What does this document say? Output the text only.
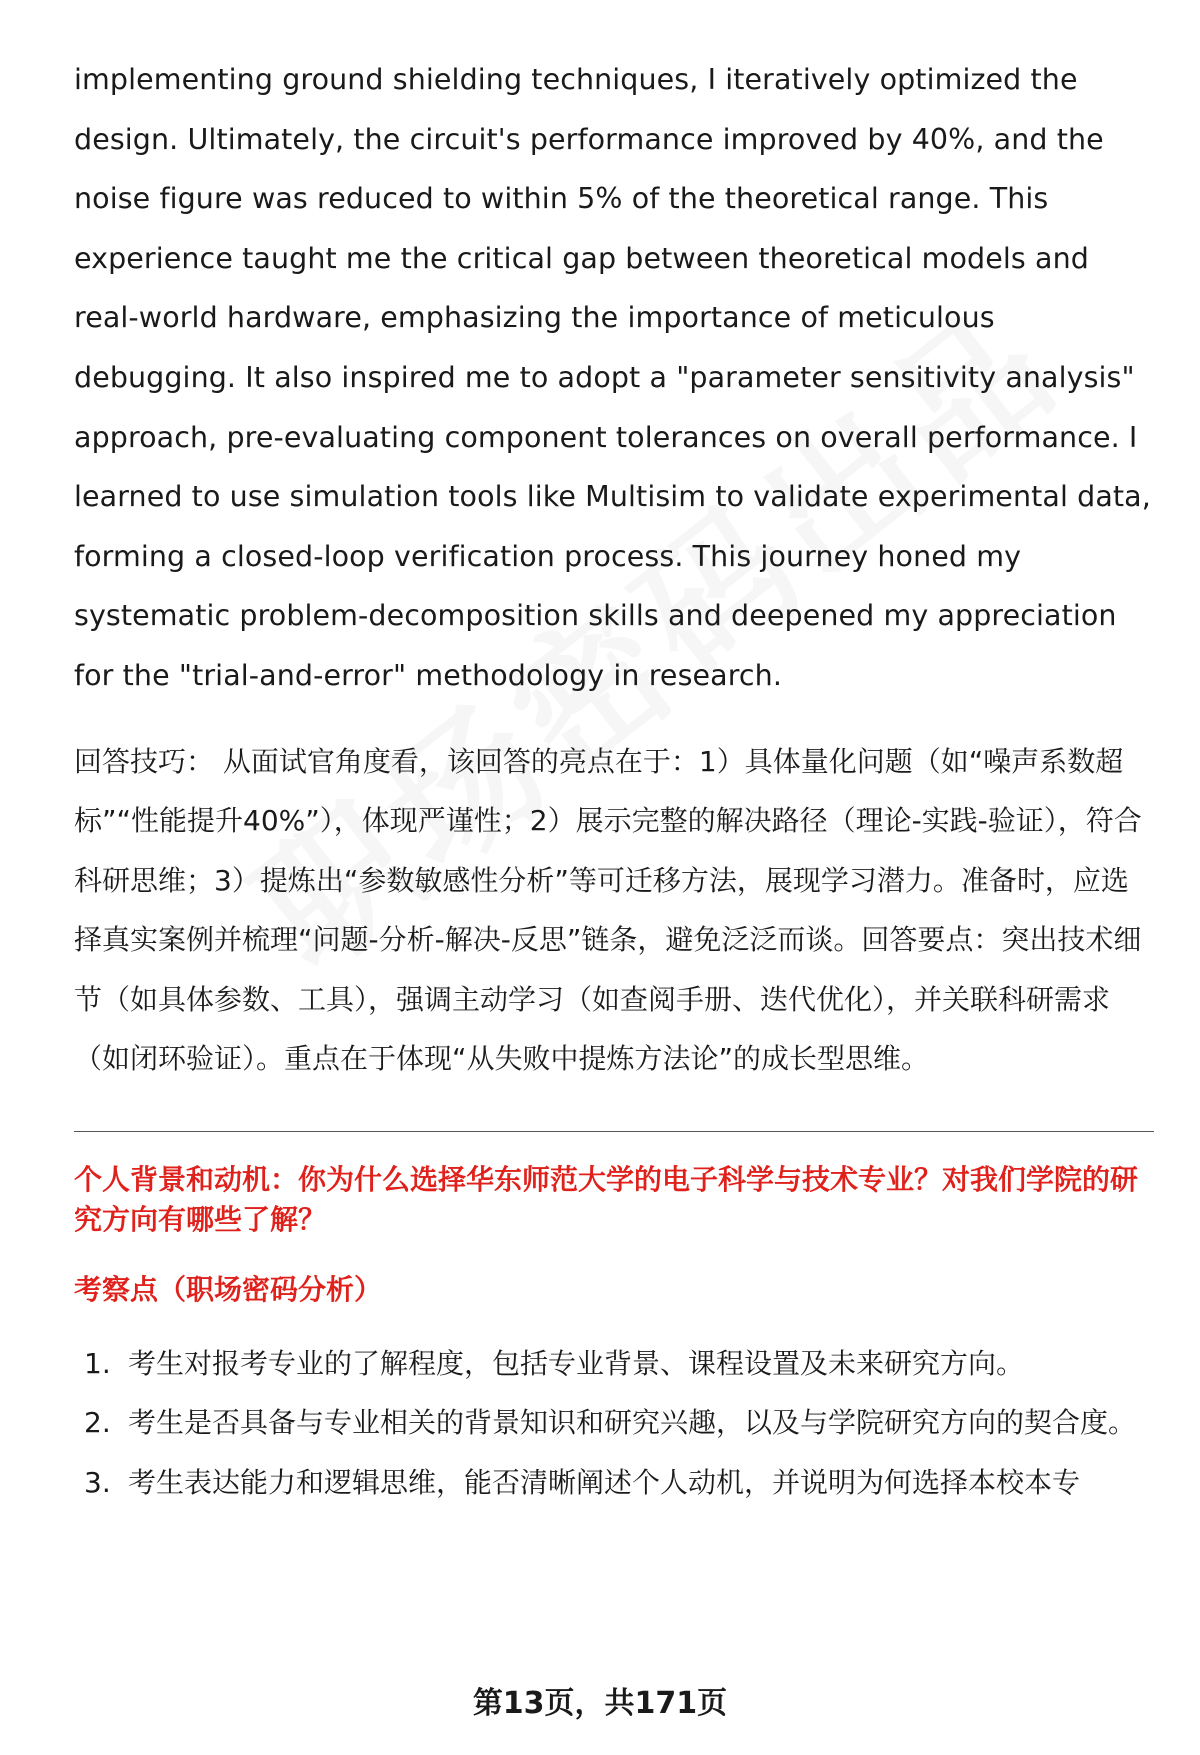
implementing ground shielding techniques, I iteratively optimized the design. Ultimately, the circuit's performance improved by 40%, and the noise figure was reduced to within 5% of the theoretical range. This experience taught me the critical gap between theoretical models and real-world hardware, emphasizing the importance of meticulous debugging. It also inspired me to adopt a "parameter sensitivity analysis" approach, pre-evaluating component tolerances on overall performance. I learned to use simulation tools like Multisim to validate experimental data, forming a closed-loop verification process. This journey honed my systematic problem-decomposition skills and deepened my appreciation for the "trial-and-error" methodology in research.

回答技巧： 从面试官角度看，该回答的亮点在于：1）具体量化问题（如“噪声系数超标”“性能提升40%”），体现严谨性；2）展示完整的解决路径（理论-实践-验证），符合科研思维；3）提炼出“参数敏感性分析”等可迁移方法，展现学习潜力。准备时，应选择真实案例并梳理“问题-分析-解决-反思”链条，避免泛泛而谈。回答要点：突出技术细节（如具体参数、工具），强调主动学习（如查阅手册、迭代优化），并关联科研需求（如闭环验证）。重点在于体现“从失败中提炼方法论”的成长型思维。

个人背景和动机：你为什么选择华东师范大学的电子科学与技术专业？对我们学院的研究方向有哪些了解？
考察点（职场密码分析）
1. 考生对报考专业的了解程度，包括专业背景、课程设置及未来研究方向。
2. 考生是否具备与专业相关的背景知识和研究兴趣，以及与学院研究方向的契合度。
3. 考生表达能力和逻辑思维，能否清晰阐述个人动机，并说明为何选择本校本专
第13页，共171页
